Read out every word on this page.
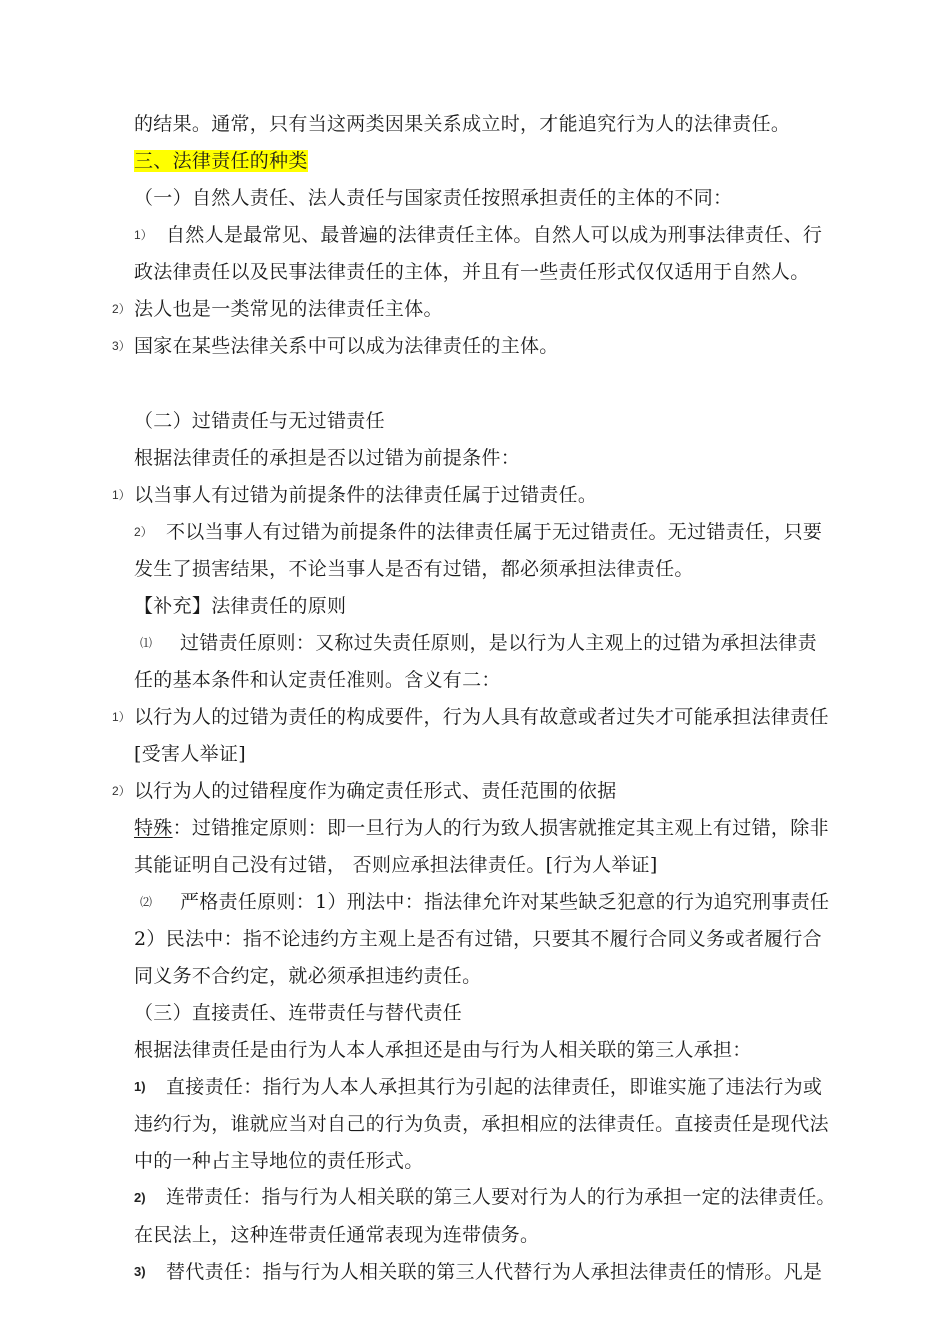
的结果。通常，只有当这两类因果关系成立时，才能追究行为人的法律责任。
三、法律责任的种类
（一）自然人责任、法人责任与国家责任按照承担责任的主体的不同：
1） 自然人是最常见、最普遍的法律责任主体。自然人可以成为刑事法律责任、行
政法律责任以及民事法律责任的主体，并且有一些责任形式仅仅适用于自然人。
2） 法人也是一类常见的法律责任主体。
3） 国家在某些法律关系中可以成为法律责任的主体。
（二）过错责任与无过错责任
根据法律责任的承担是否以过错为前提条件：
1） 以当事人有过错为前提条件的法律责任属于过错责任。
2） 不以当事人有过错为前提条件的法律责任属于无过错责任。无过错责任，只要
发生了损害结果，不论当事人是否有过错，都必须承担法律责任。
【补充】法律责任的原则
⑴ 过错责任原则：又称过失责任原则，是以行为人主观上的过错为承担法律责
任的基本条件和认定责任准则。含义有二：
1） 以行为人的过错为责任的构成要件，行为人具有故意或者过失才可能承担法律责任
[受害人举证]
2） 以行为人的过错程度作为确定责任形式、责任范围的依据
特殊：过错推定原则：即一旦行为人的行为致人损害就推定其主观上有过错，除非
其能证明自己没有过错， 否则应承担法律责任。[行为人举证]
⑵ 严格责任原则：1）刑法中：指法律允许对某些缺乏犯意的行为追究刑事责任
2）民法中：指不论违约方主观上是否有过错，只要其不履行合同义务或者履行合
同义务不合约定，就必须承担违约责任。
（三）直接责任、连带责任与替代责任
根据法律责任是由行为人本人承担还是由与行为人相关联的第三人承担：
1) 直接责任：指行为人本人承担其行为引起的法律责任，即谁实施了违法行为或
违约行为，谁就应当对自己的行为负责，承担相应的法律责任。直接责任是现代法
中的一种占主导地位的责任形式。
2) 连带责任：指与行为人相关联的第三人要对行为人的行为承担一定的法律责任。
在民法上，这种连带责任通常表现为连带债务。
3) 替代责任：指与行为人相关联的第三人代替行为人承担法律责任的情形。凡是
